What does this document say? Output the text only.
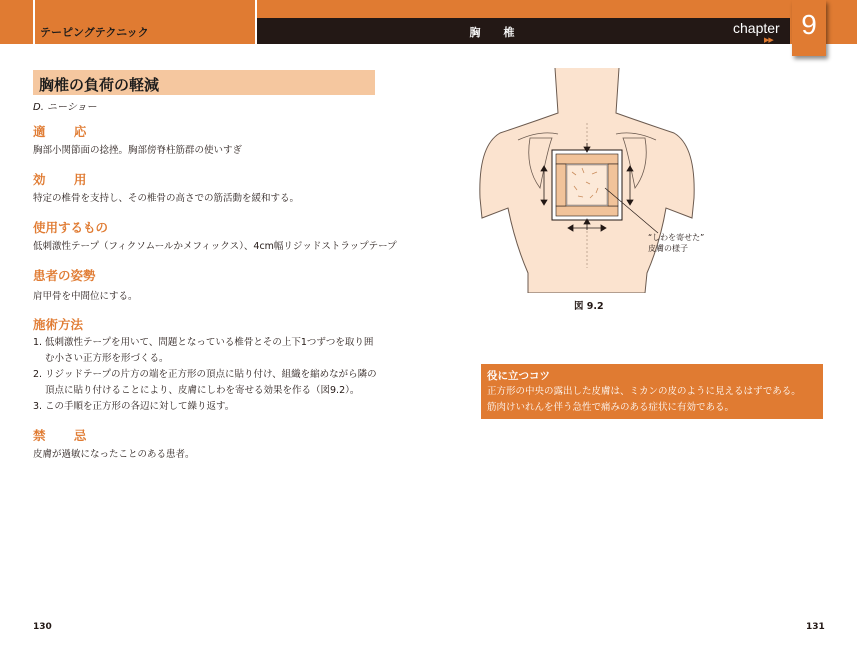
テーピングテクニック	胸　椎	chapter
▶▶	9
胸椎の負荷の軽減
D. ニーショー
適 応
胸部小関節面の捻挫。胸部傍脊柱筋群の使いすぎ
効 用
特定の椎骨を支持し、その椎骨の高さでの筋活動を緩和する。
使用するもの
低刺激性テープ（フィクソムールかメフィックス）、4cm幅リジッドストラップテープ
患者の姿勢
肩甲骨を中間位にする。
施術方法
1. 低刺激性テープを用いて、問題となっている椎骨とその上下1つずつを取り囲む小さい正方形を形づくる。
2. リジッドテープの片方の端を正方形の頂点に貼り付け、組織を縮めながら隣の頂点に貼り付けることにより、皮膚にしわを寄せる効果を作る（図9.2）。
3. この手順を正方形の各辺に対して繰り返す。
禁 忌
皮膚が過敏になったことのある患者。
“しわを寄せた”
皮膚の様子
図 9.2
役に立つコツ
正方形の中央の露出した皮膚は、ミカンの皮のように見えるはずである。
筋肉けいれんを伴う急性で痛みのある症状に有効である。
130	131
